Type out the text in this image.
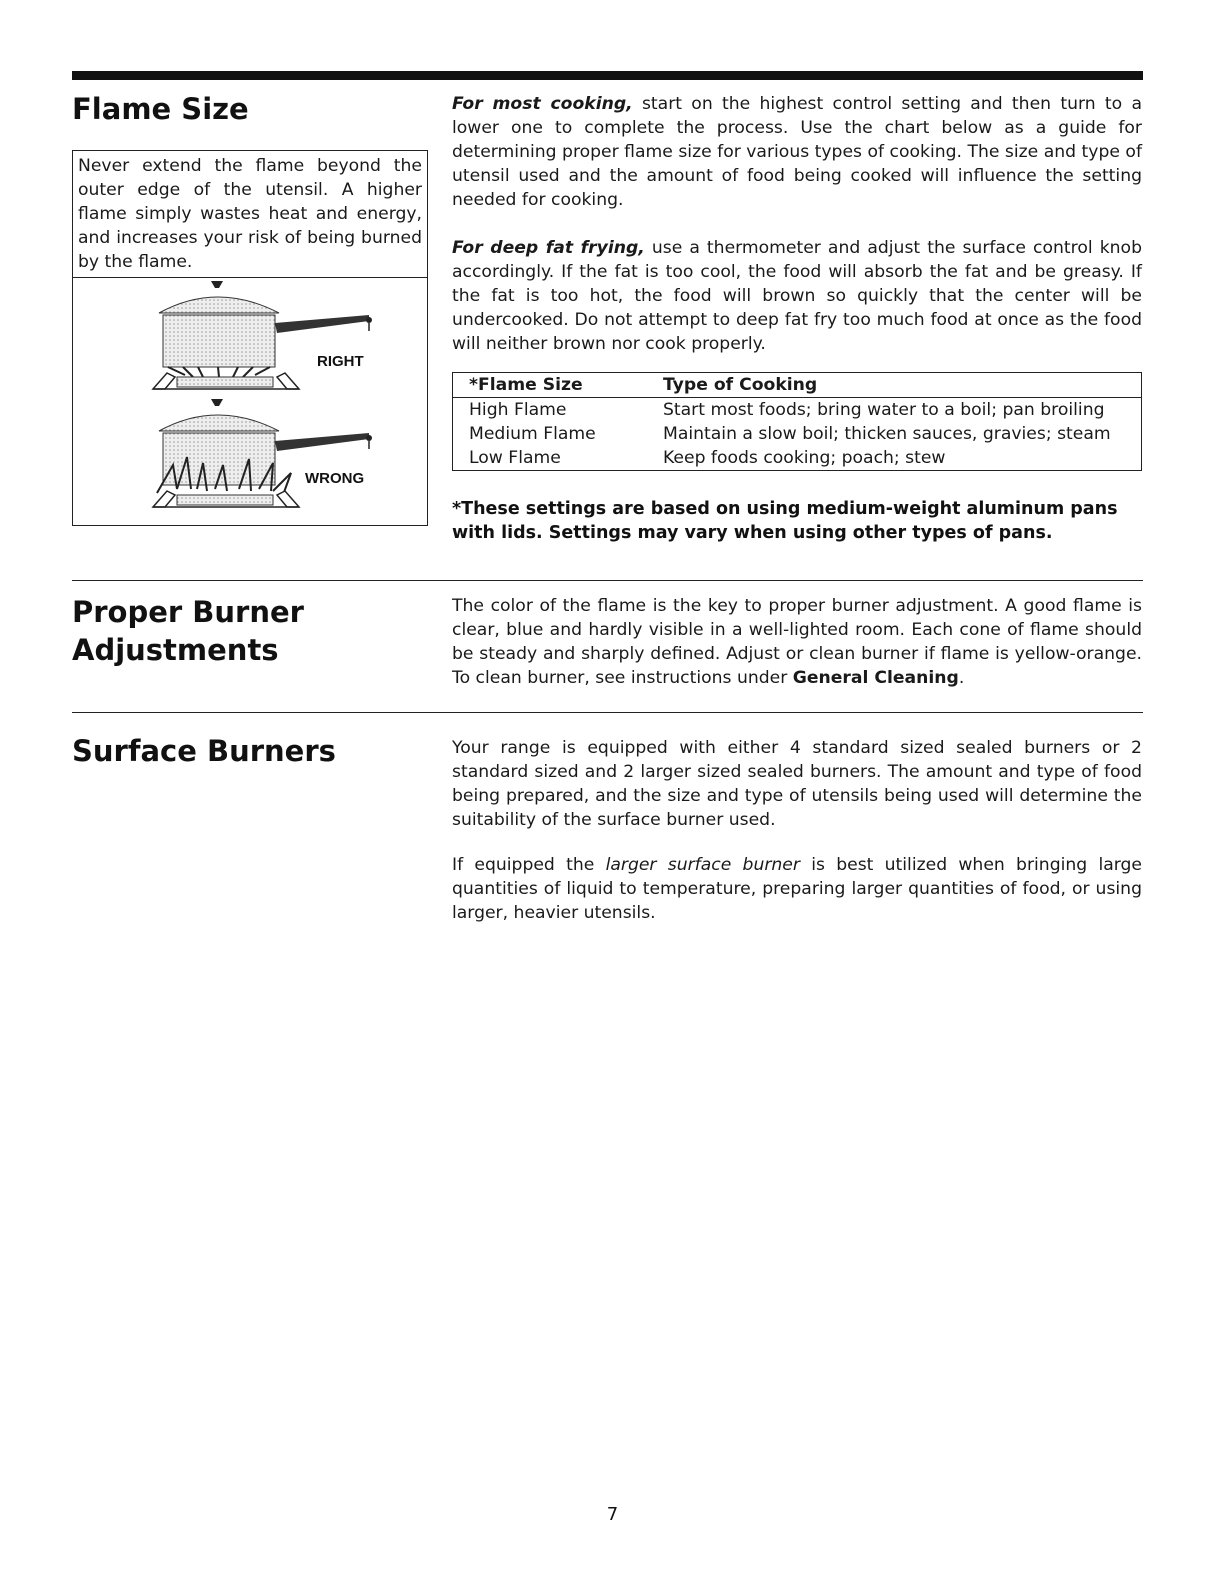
Flame Size

Never extend the flame beyond the outer edge of the utensil. A higher flame simply wastes heat and energy, and increases your risk of being burned by the flame.

RIGHT
WRONG

For most cooking, start on the highest control setting and then turn to a lower one to complete the process. Use the chart below as a guide for determining proper flame size for various types of cooking. The size and type of utensil used and the amount of food being cooked will influence the setting needed for cooking.

For deep fat frying, use a thermometer and adjust the surface control knob accordingly. If the fat is too cool, the food will absorb the fat and be greasy. If the fat is too hot, the food will brown so quickly that the center will be undercooked. Do not attempt to deep fat fry too much food at once as the food will neither brown nor cook properly.

*Flame Size	Type of Cooking
High Flame	Start most foods; bring water to a boil; pan broiling
Medium Flame	Maintain a slow boil; thicken sauces, gravies; steam
Low Flame	Keep foods cooking; poach; stew

*These settings are based on using medium-weight aluminum pans with lids. Settings may vary when using other types of pans.

Proper Burner
Adjustments

The color of the flame is the key to proper burner adjustment. A good flame is clear, blue and hardly visible in a well-lighted room. Each cone of flame should be steady and sharply defined. Adjust or clean burner if flame is yellow-orange. To clean burner, see instructions under General Cleaning.

Surface Burners	Your range is equipped with either 4 standard sized sealed burners or 2 standard sized and 2 larger sized sealed burners. The amount and type of food being prepared, and the size and type of utensils being used will determine the suitability of the surface burner used.

If equipped the larger surface burner is best utilized when bringing large quantities of liquid to temperature, preparing larger quantities of food, or using larger, heavier utensils.

7
